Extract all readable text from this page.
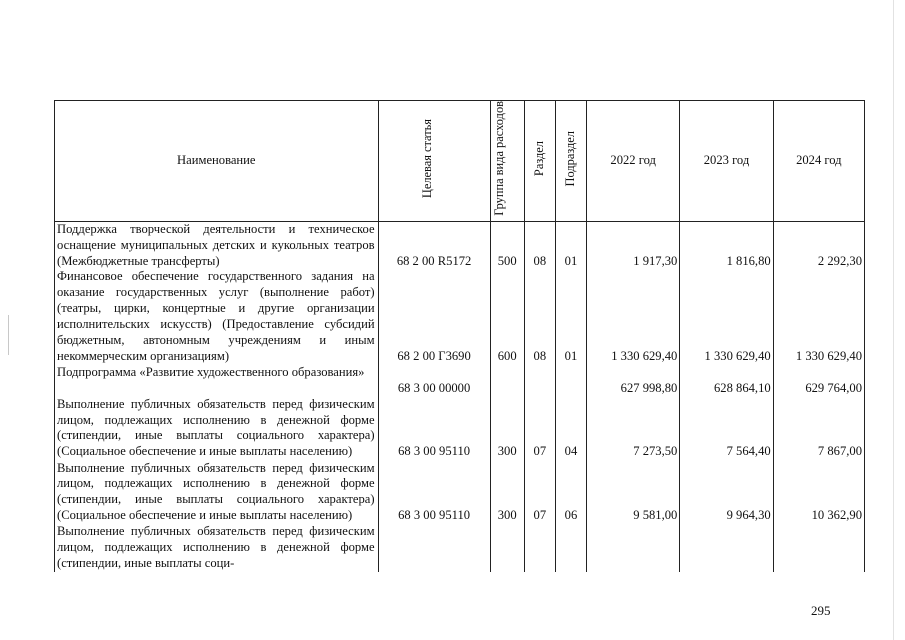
Наименование	Целевая статья	Группа вида расходов	Раздел	Подраздел	2022 год	2023 год	2024 год
Поддержка творческой деятельности и техническое оснащение муниципальных детских и кукольных театров (Межбюджетные трансферты)	68 2 00 R5172	500	08	01	1 917,30	1 816,80	2 292,30
Финансовое обеспечение государственного задания на оказание государственных услуг (выполнение работ) (театры, цирки, концертные и другие организации исполнительских искусств) (Предоставление субсидий бюджетным, автономным учреждениям и иным некоммерческим организациям)	68 2 00 Г3690	600	08	01	1 330 629,40	1 330 629,40	1 330 629,40
Подпрограмма «Развитие художественного образования»	68 3 00 00000				627 998,80	628 864,10	629 764,00

Выполнение публичных обязательств перед физическим лицом, подлежащих исполнению в денежной форме (стипендии, иные выплаты социального характера) (Социальное обеспечение и иные выплаты населению)	68 3 00 95110	300	07	04	7 273,50	7 564,40	7 867,00
Выполнение публичных обязательств перед физическим лицом, подлежащих исполнению в денежной форме (стипендии, иные выплаты социального характера) (Социальное обеспечение и иные выплаты населению)	68 3 00 95110	300	07	06	9 581,00	9 964,30	10 362,90
Выполнение публичных обязательств перед физическим лицом, подлежащих исполнению в денежной форме (стипендии, иные выплаты соци-							
295
